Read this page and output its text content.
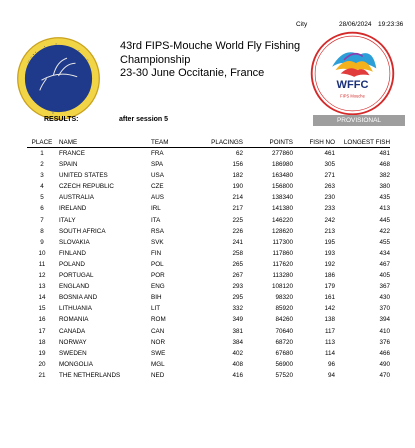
City	28/06/2024 19:23:36
Fédération Internationale
de Pêche Sportive Mouche
43rd FIPS-Mouche World Fly Fishing Championship
23-30 June Occitanie, France
WFFC
FIPS Mouche
RESULTS:	after session 5	PROVISIONAL
PLACE	NAME	TEAM	PLACINGS	POINTS	FISH NO	LONGEST FISH
1	FRANCE	FRA	62	277860	461	481
2	SPAIN	SPA	156	186980	305	468
3	UNITED STATES	USA	182	163480	271	382
4	CZECH REPUBLIC	CZE	190	156800	263	380
5	AUSTRALIA	AUS	214	138340	230	435
6	IRELAND	IRL	217	141380	233	413
7	ITALY	ITA	225	146220	242	445
8	SOUTH AFRICA	RSA	226	128620	213	422
9	SLOVAKIA	SVK	241	117300	195	455
10	FINLAND	FIN	258	117860	193	434
11	POLAND	POL	265	117620	192	467
12	PORTUGAL	POR	267	113280	186	405
13	ENGLAND	ENG	293	108120	179	367
14	BOSNIA AND	BIH	295	98320	161	430
15	LITHUANIA	LIT	332	85920	142	370
16	ROMANIA	ROM	349	84260	138	394
17	CANADA	CAN	381	70640	117	410
18	NORWAY	NOR	384	68720	113	376
19	SWEDEN	SWE	402	67680	114	466
20	MONGOLIA	MGL	408	56900	96	490
21	THE NETHERLANDS	NED	416	57520	94	470
